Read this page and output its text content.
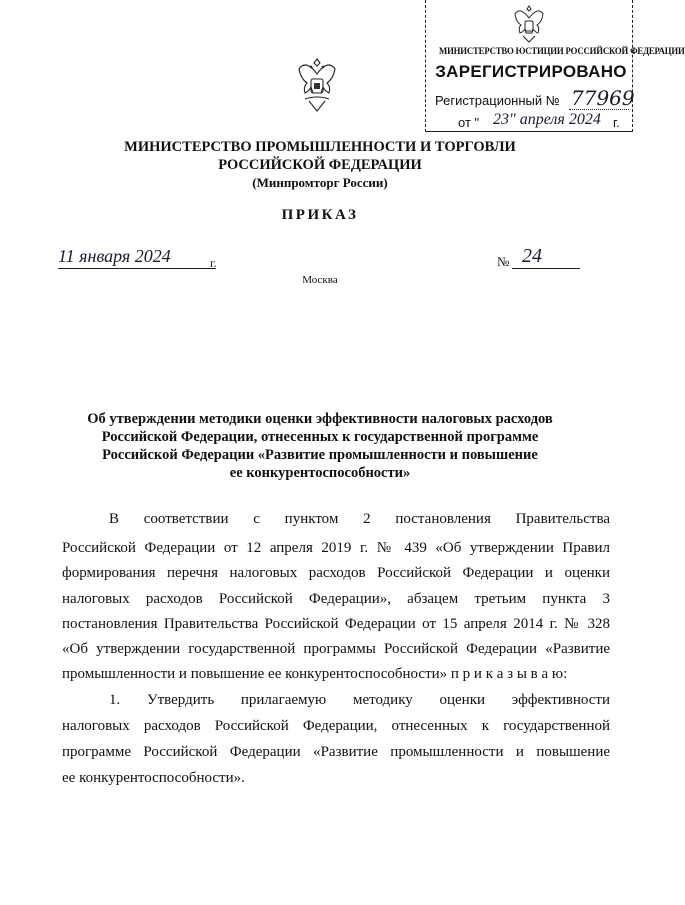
МИНИСТЕРСТВО ЮСТИЦИИ РОССИЙСКОЙ ФЕДЕРАЦИИ
ЗАРЕГИСТРИРОВАНО
Регистрационный № 77969
от " 23" апреля 2024 г.
МИНИСТЕРСТВО ПРОМЫШЛЕННОСТИ И ТОРГОВЛИ
РОССИЙСКОЙ ФЕДЕРАЦИИ
(Минпромторг России)
ПРИКАЗ
11 января 2024	г.	№ 24
Москва
Об утверждении методики оценки эффективности налоговых расходов
Российской Федерации, отнесенных к государственной программе
Российской Федерации «Развитие промышленности и повышение
ее конкурентоспособности»
В соответствии с пунктом 2 постановления Правительства
Российской Федерации от 12 апреля 2019 г. № 439 «Об утверждении Правил
формирования перечня налоговых расходов Российской Федерации и оценки
налоговых расходов Российской Федерации», абзацем третьим пункта 3
постановления Правительства Российской Федерации от 15 апреля 2014 г. № 328
«Об утверждении государственной программы Российской Федерации «Развитие
промышленности и повышение ее конкурентоспособности» п р и к а з ы в а ю:
1. Утвердить прилагаемую методику оценки эффективности
налоговых расходов Российской Федерации, отнесенных к государственной
программе Российской Федерации «Развитие промышленности и повышение
ее конкурентоспособности».
